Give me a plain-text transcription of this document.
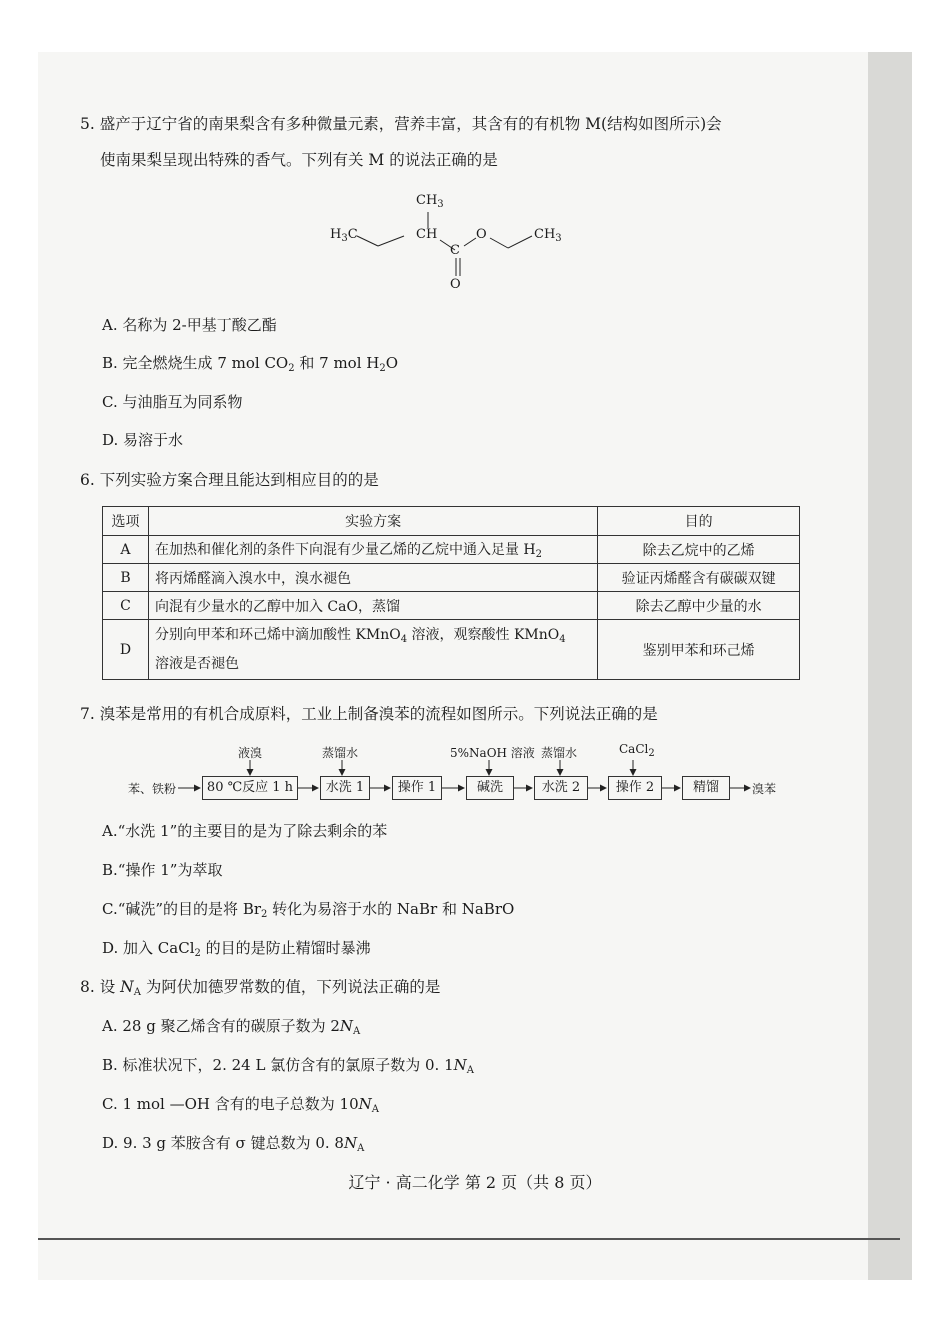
5. 盛产于辽宁省的南果梨含有多种微量元素，营养丰富，其含有的有机物 M(结构如图所示)会
使南果梨呈现出特殊的香气。下列有关 M 的说法正确的是
$CH_3$
$H_3C$	CH
C
O
O
$CH_3$
A. 名称为 2-甲基丁酸乙酯
B. 完全燃烧生成 7 mol $CO_2$ 和 7 mol $H_2O$
C. 与油脂互为同系物
D. 易溶于水
6. 下列实验方案合理且能达到相应目的的是
选项	实验方案	目的
A	在加热和催化剂的条件下向混有少量乙烯的乙烷中通入足量 $H_2$	除去乙烷中的乙烯
B	将丙烯醛滴入溴水中，溴水褪色	验证丙烯醛含有碳碳双键
C	向混有少量水的乙醇中加入 CaO，蒸馏	除去乙醇中少量的水
D	分别向甲苯和环己烯中滴加酸性 KMnO$_4$ 溶液，观察酸性 KMnO$_4$
溶液是否褪色	鉴别甲苯和环己烯
7. 溴苯是常用的有机合成原料，工业上制备溴苯的流程如图所示。下列说法正确的是
苯、铁粉	80 ℃反应 1 h	水洗 1	操作 1	碱洗	水洗 2	操作 2	精馏	溴苯
液溴	蒸馏水	5%NaOH 溶液 蒸馏水	CaCl$_2$
A.“水洗 1”的主要目的是为了除去剩余的苯
B.“操作 1”为萃取
C.“碱洗”的目的是将 $Br_2$ 转化为易溶于水的 NaBr 和 NaBrO
D. 加入 CaCl$_2$ 的目的是防止精馏时暴沸
8. 设 $N_A$ 为阿伏加德罗常数的值，下列说法正确的是
A. 28 g 聚乙烯含有的碳原子数为 $2N_A$
B. 标准状况下，2. 24 L 氯仿含有的氯原子数为 0. $1N_A$
C. 1 mol —OH 含有的电子总数为 $10N_A$
D. 9. 3 g 苯胺含有 σ 键总数为 0. $8N_A$
辽宁 · 高二化学 第 2 页（共 8 页）
